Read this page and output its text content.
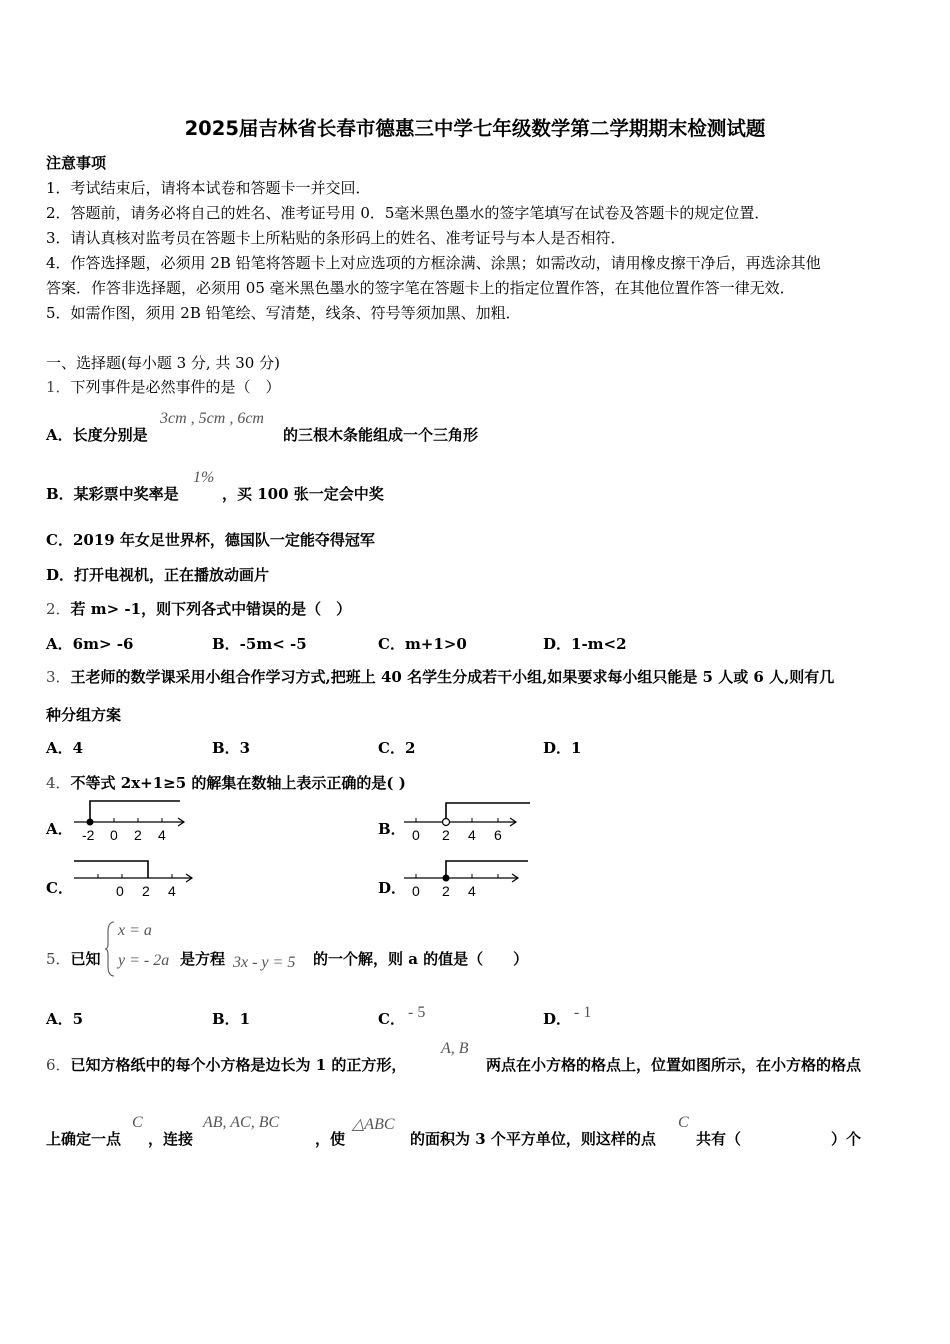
2025届吉林省长春市德惠三中学七年级数学第二学期期末检测试题
注意事项
1．考试结束后，请将本试卷和答题卡一并交回．
2．答题前，请务必将自己的姓名、准考证号用 0．5毫米黑色墨水的签字笔填写在试卷及答题卡的规定位置．
3．请认真核对监考员在答题卡上所粘贴的条形码上的姓名、准考证号与本人是否相符．
4．作答选择题，必须用 2B 铅笔将答题卡上对应选项的方框涂满、涂黑；如需改动，请用橡皮擦干净后，再选涂其他
答案．作答非选择题，必须用 05 毫米黑色墨水的签字笔在答题卡上的指定位置作答，在其他位置作答一律无效．
5．如需作图，须用 2B 铅笔绘、写清楚，线条、符号等须加黑、加粗．
一、选择题(每小题 3 分, 共 30 分)
1．下列事件是必然事件的是（　）
A．长度分别是
3cm , 5cm , 6cm
的三根木条能组成一个三角形
B．某彩票中奖率是
1%
，买 100 张一定会中奖
C．2019 年女足世界杯，德国队一定能夺得冠军
D．打开电视机，正在播放动画片
2．若 m> -1，则下列各式中错误的是（　）
A．6m> -6	B．-5m< -5	C．m+1>0	D．1-m<2
3．王老师的数学课采用小组合作学习方式,把班上 40 名学生分成若干小组,如果要求每小组只能是 5 人或 6 人,则有几
种分组方案
A．4	B．3	C．2	D．1
4．不等式 2x+1≥5 的解集在数轴上表示正确的是( )
A． -2 0 2 4	B． 0 2 4 6
C．	0 2 4	D． 0 2 4
5．已知
x = a
y = - 2a 是方程 3x - y = 5 的一个解，则 a 的值是（　　）
A．5	B．1	C． - 5	D． - 1
6．已知方格纸中的每个小方格是边长为 1 的正方形，
A, B
两点在小方格的格点上，位置如图所示，在小方格的格点
上确定一点
C
，连接
AB, AC, BC
，使
△ABC
的面积为 3 个平方单位，则这样的点
C
共有（　　　　　　）个
